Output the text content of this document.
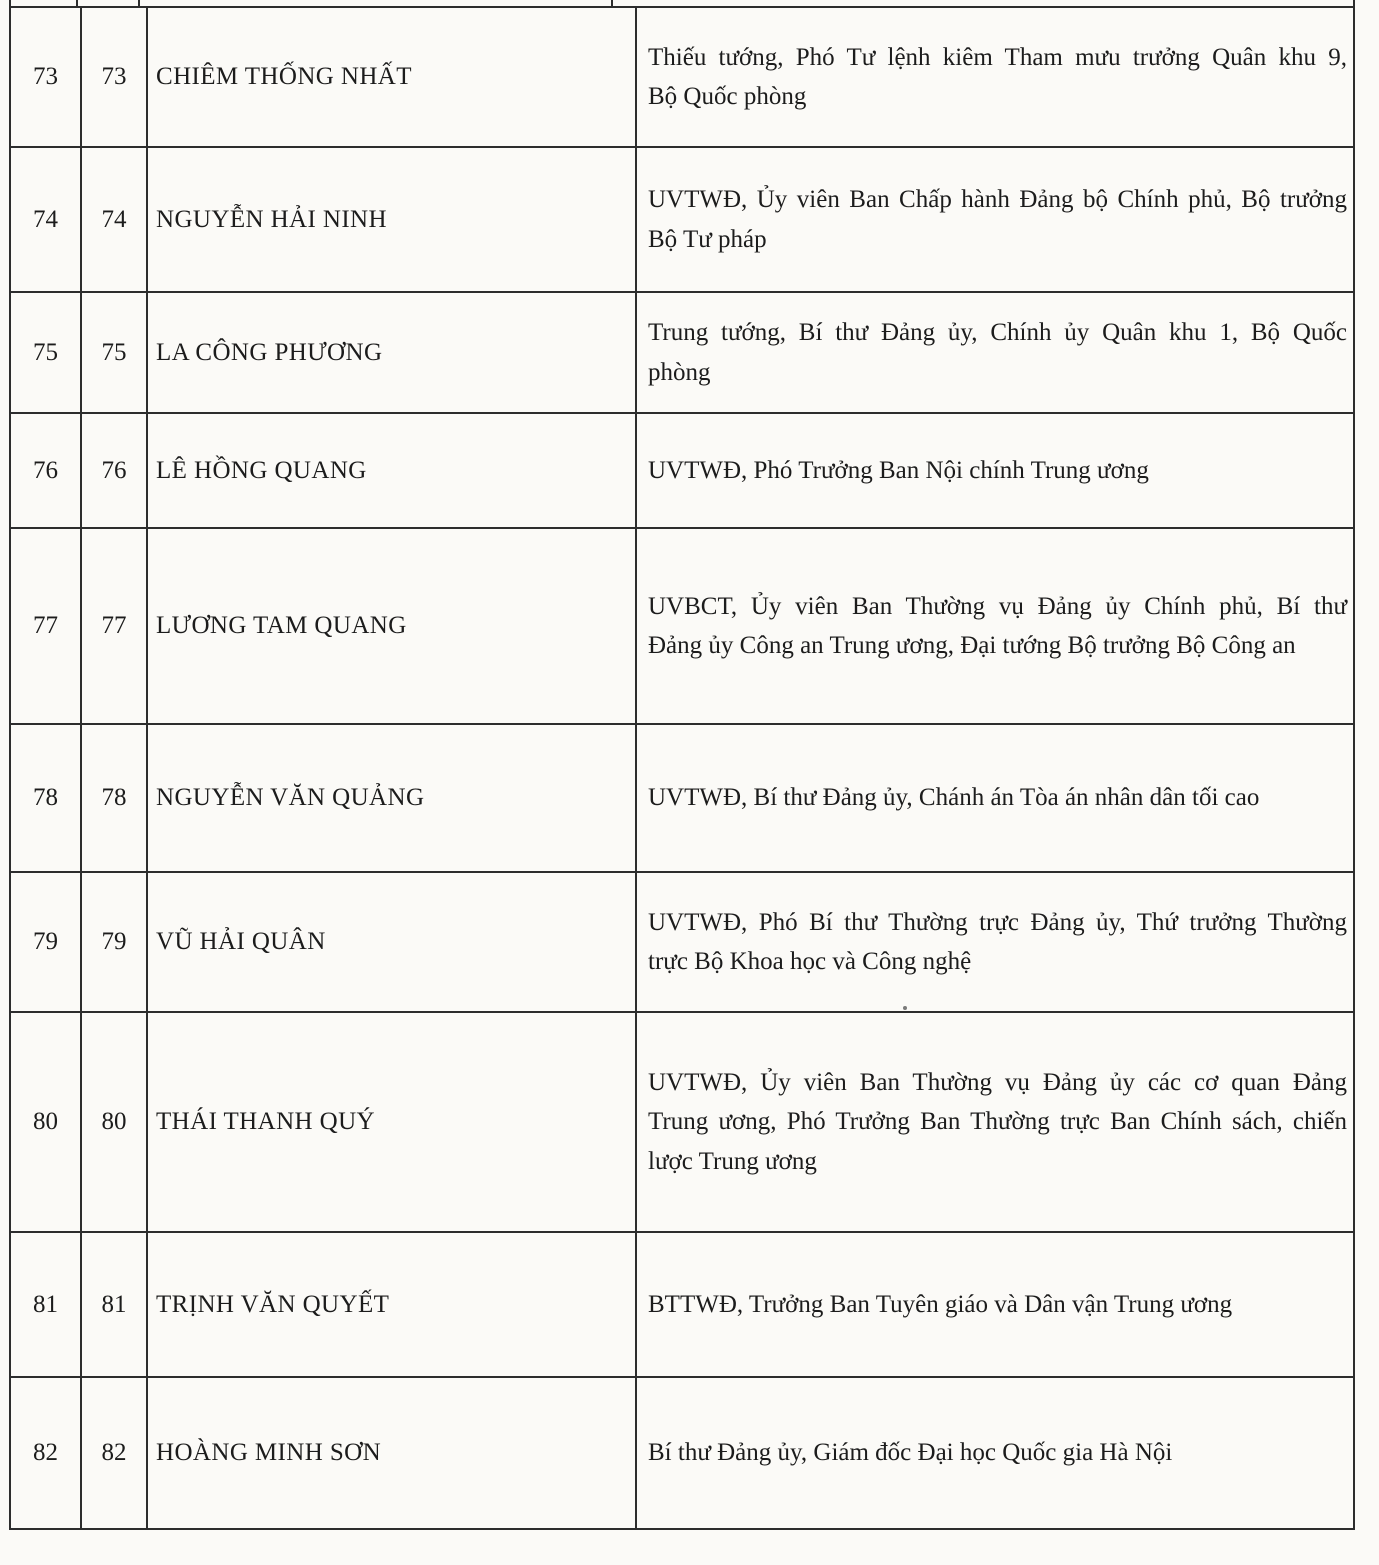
73	73	CHIÊM THỐNG NHẤT	Thiếu tướng, Phó Tư lệnh kiêm Tham mưu trưởng Quân khu 9,
Bộ Quốc phòng

74	74	NGUYỄN HẢI NINH	UVTWĐ, Ủy viên Ban Chấp hành Đảng bộ Chính phủ, Bộ trưởng
Bộ Tư pháp

75	75	LA CÔNG PHƯƠNG	Trung tướng, Bí thư Đảng ủy, Chính ủy Quân khu 1, Bộ Quốc
phòng

76	76	LÊ HỒNG QUANG	UVTWĐ, Phó Trưởng Ban Nội chính Trung ương

77	77	LƯƠNG TAM QUANG	UVBCT, Ủy viên Ban Thường vụ Đảng ủy Chính phủ, Bí thư
Đảng ủy Công an Trung ương, Đại tướng Bộ trưởng Bộ Công an

78	78	NGUYỄN VĂN QUẢNG	UVTWĐ, Bí thư Đảng ủy, Chánh án Tòa án nhân dân tối cao

79	79	VŨ HẢI QUÂN	UVTWĐ, Phó Bí thư Thường trực Đảng ủy, Thứ trưởng Thường
trực Bộ Khoa học và Công nghệ

80	80	THÁI THANH QUÝ	UVTWĐ, Ủy viên Ban Thường vụ Đảng ủy các cơ quan Đảng
Trung ương, Phó Trưởng Ban Thường trực Ban Chính sách, chiến
lược Trung ương

81	81	TRỊNH VĂN QUYẾT	BTTWĐ, Trưởng Ban Tuyên giáo và Dân vận Trung ương

82	82	HOÀNG MINH SƠN	Bí thư Đảng ủy, Giám đốc Đại học Quốc gia Hà Nội
